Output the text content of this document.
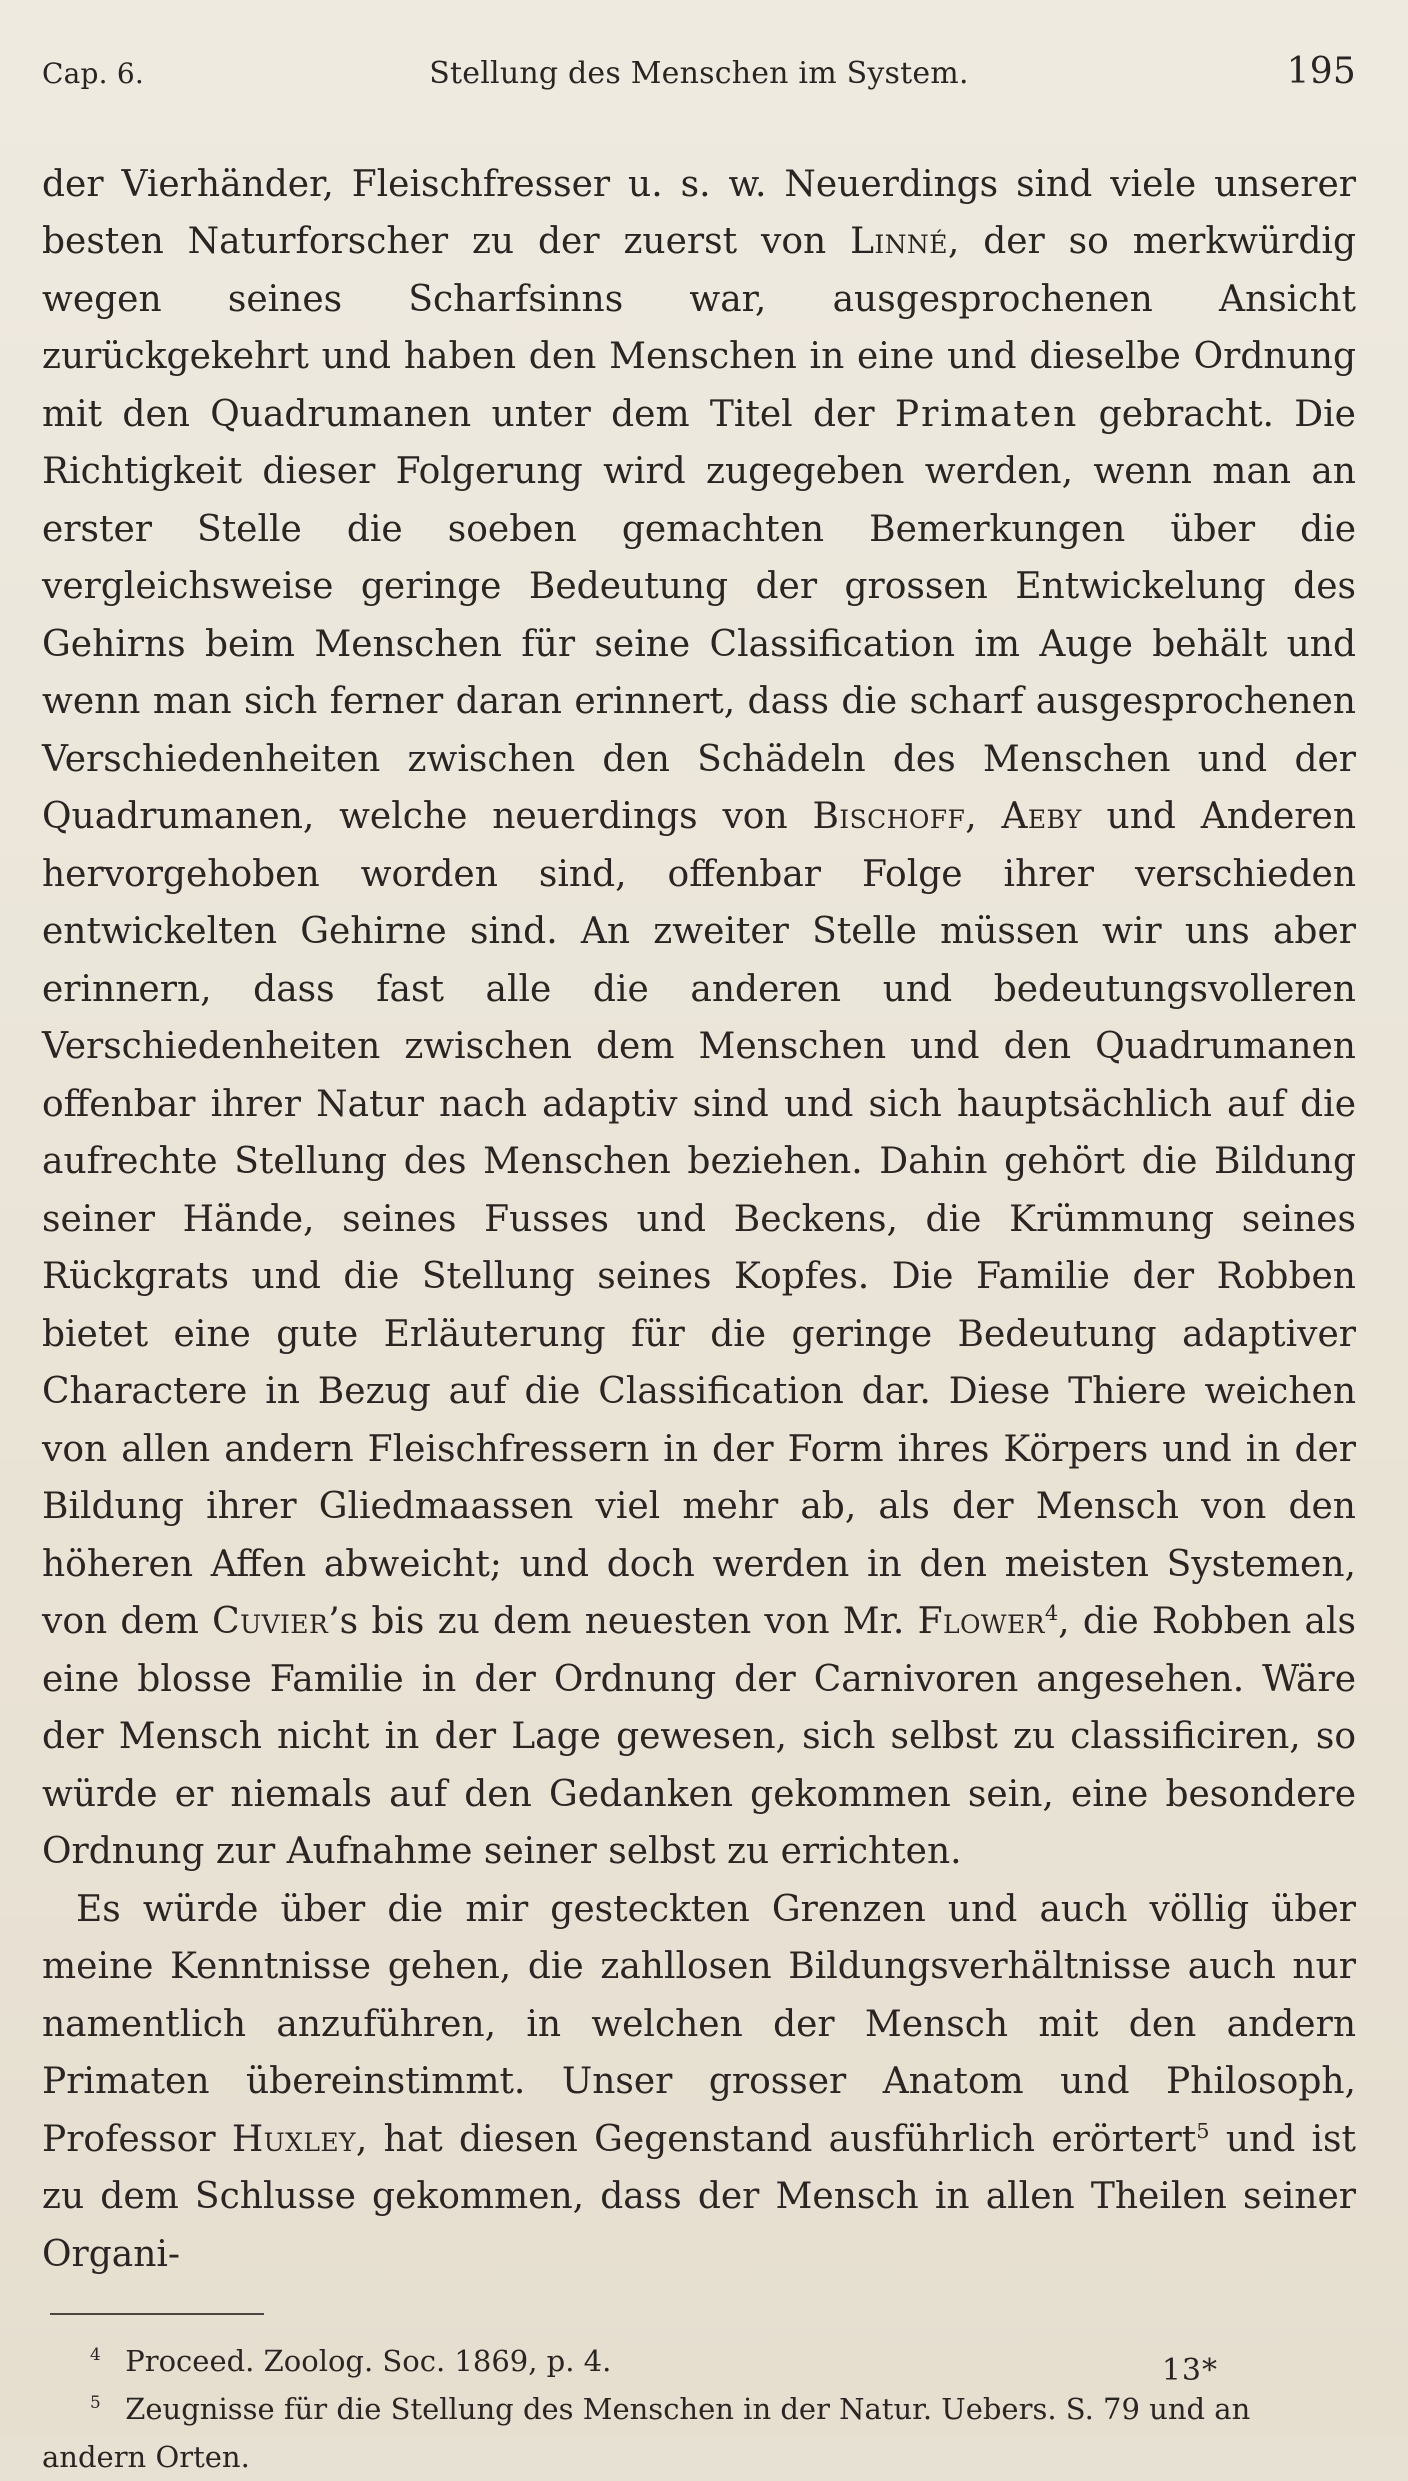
Cap. 6.	Stellung des Menschen im System.	195

der Vierhänder, Fleischfresser u. s. w. Neuerdings sind viele unserer besten Naturforscher zu der zuerst von Linné, der so merkwürdig wegen seines Scharfsinns war, ausgesprochenen Ansicht zurückgekehrt und haben den Menschen in eine und dieselbe Ordnung mit den Quadrumanen unter dem Titel der Primaten gebracht. Die Richtigkeit dieser Folgerung wird zugegeben werden, wenn man an erster Stelle die soeben gemachten Bemerkungen über die vergleichsweise geringe Bedeutung der grossen Entwickelung des Gehirns beim Menschen für seine Classification im Auge behält und wenn man sich ferner daran erinnert, dass die scharf ausgesprochenen Verschiedenheiten zwischen den Schädeln des Menschen und der Quadrumanen, welche neuerdings von Bischoff, Aeby und Anderen hervorgehoben worden sind, offenbar Folge ihrer verschieden entwickelten Gehirne sind. An zweiter Stelle müssen wir uns aber erinnern, dass fast alle die anderen und bedeutungsvolleren Verschiedenheiten zwischen dem Menschen und den Quadrumanen offenbar ihrer Natur nach adaptiv sind und sich hauptsächlich auf die aufrechte Stellung des Menschen beziehen. Dahin gehört die Bildung seiner Hände, seines Fusses und Beckens, die Krümmung seines Rückgrats und die Stellung seines Kopfes. Die Familie der Robben bietet eine gute Erläuterung für die geringe Bedeutung adaptiver Charactere in Bezug auf die Classification dar. Diese Thiere weichen von allen andern Fleischfressern in der Form ihres Körpers und in der Bildung ihrer Gliedmaassen viel mehr ab, als der Mensch von den höheren Affen abweicht; und doch werden in den meisten Systemen, von dem Cuvier’s bis zu dem neuesten von Mr. Flower$^4$, die Robben als eine blosse Familie in der Ordnung der Carnivoren angesehen. Wäre der Mensch nicht in der Lage gewesen, sich selbst zu classificiren, so würde er niemals auf den Gedanken gekommen sein, eine besondere Ordnung zur Aufnahme seiner selbst zu errichten.

Es würde über die mir gesteckten Grenzen und auch völlig über meine Kenntnisse gehen, die zahllosen Bildungsverhältnisse auch nur namentlich anzuführen, in welchen der Mensch mit den andern Primaten übereinstimmt. Unser grosser Anatom und Philosoph, Professor Huxley, hat diesen Gegenstand ausführlich erörtert$^5$ und ist zu dem Schlusse gekommen, dass der Mensch in allen Theilen seiner Organi-

$^4$ Proceed. Zoolog. Soc. 1869, p. 4.

$^5$ Zeugnisse für die Stellung des Menschen in der Natur. Uebers. S. 79 und an andern Orten.

13*
